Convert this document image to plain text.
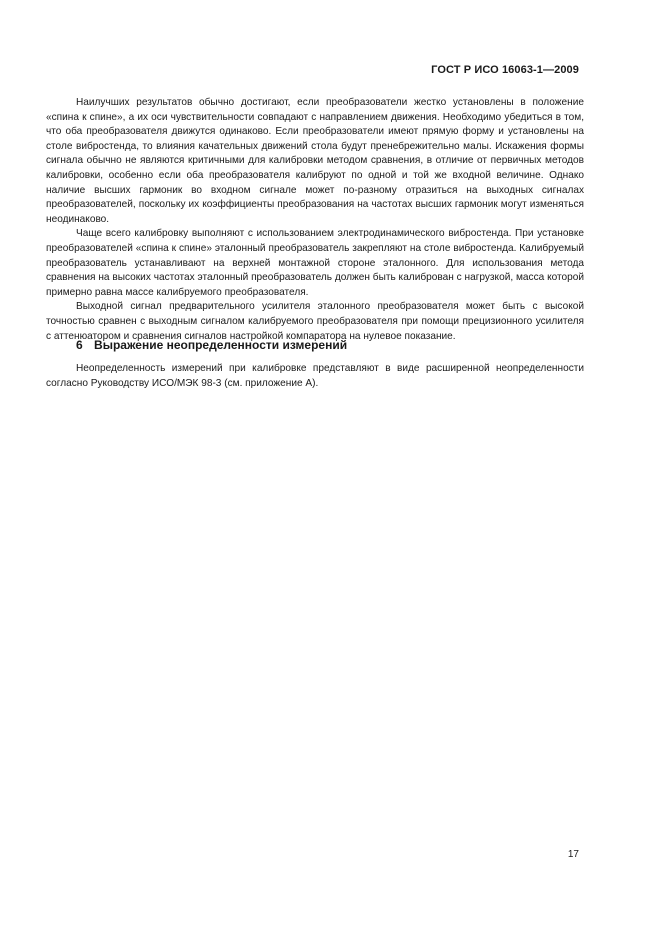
ГОСТ Р ИСО 16063-1—2009

Наилучших результатов обычно достигают, если преобразователи жестко установлены в положение «спина к спине», а их оси чувствительности совпадают с направлением движения. Необходимо убедиться в том, что оба преобразователя движутся одинаково. Если преобразователи имеют прямую форму и установлены на столе вибростенда, то влияния качательных движений стола будут пренебрежительно малы. Искажения формы сигнала обычно не являются критичными для калибровки методом сравнения, в отличие от первичных методов калибровки, особенно если оба преобразователя калибруют по одной и той же входной величине. Однако наличие высших гармоник во входном сигнале может по-разному отразиться на выходных сигналах преобразователей, поскольку их коэффициенты преобразования на частотах высших гармоник могут изменяться неодинаково.

Чаще всего калибровку выполняют с использованием электродинамического вибростенда. При установке преобразователей «спина к спине» эталонный преобразователь закрепляют на столе вибростенда. Калибруемый преобразователь устанавливают на верхней монтажной стороне эталонного. Для использования метода сравнения на высоких частотах эталонный преобразователь должен быть калиброван с нагрузкой, масса которой примерно равна массе калибруемого преобразователя.

Выходной сигнал предварительного усилителя эталонного преобразователя может быть с высокой точностью сравнен с выходным сигналом калибруемого преобразователя при помощи прецизионного усилителя с аттенюатором и сравнения сигналов настройкой компаратора на нулевое показание.

6 Выражение неопределенности измерений

Неопределенность измерений при калибровке представляют в виде расширенной неопределенности согласно Руководству ИСО/МЭК 98-3 (см. приложение А).

17
